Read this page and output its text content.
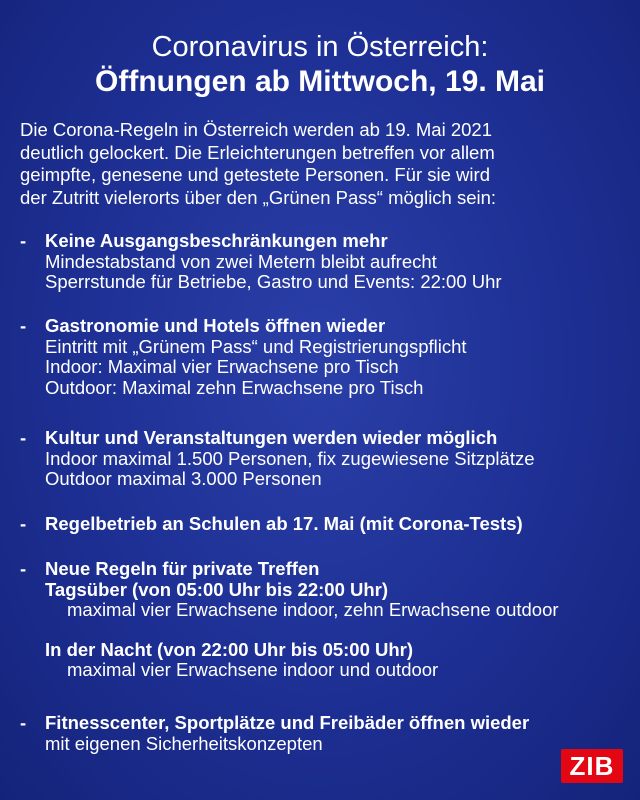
Coronavirus in Österreich:
Öffnungen ab Mittwoch, 19. Mai
Die Corona-Regeln in Österreich werden ab 19. Mai 2021
deutlich gelockert. Die Erleichterungen betreffen vor allem
geimpfte, genesene und getestete Personen. Für sie wird
der Zutritt vielerorts über den „Grünen Pass“ möglich sein:
- Keine Ausgangsbeschränkungen mehr
Mindestabstand von zwei Metern bleibt aufrecht
Sperrstunde für Betriebe, Gastro und Events: 22:00 Uhr
- Gastronomie und Hotels öffnen wieder
Eintritt mit „Grünem Pass“ und Registrierungspflicht
Indoor: Maximal vier Erwachsene pro Tisch
Outdoor: Maximal zehn Erwachsene pro Tisch
- Kultur und Veranstaltungen werden wieder möglich
Indoor maximal 1.500 Personen, fix zugewiesene Sitzplätze
Outdoor maximal 3.000 Personen
- Regelbetrieb an Schulen ab 17. Mai (mit Corona-Tests)
- Neue Regeln für private Treffen
Tagsüber (von 05:00 Uhr bis 22:00 Uhr)
maximal vier Erwachsene indoor, zehn Erwachsene outdoor
In der Nacht (von 22:00 Uhr bis 05:00 Uhr)
maximal vier Erwachsene indoor und outdoor
- Fitnesscenter, Sportplätze und Freibäder öffnen wieder
mit eigenen Sicherheitskonzepten
ZIB
